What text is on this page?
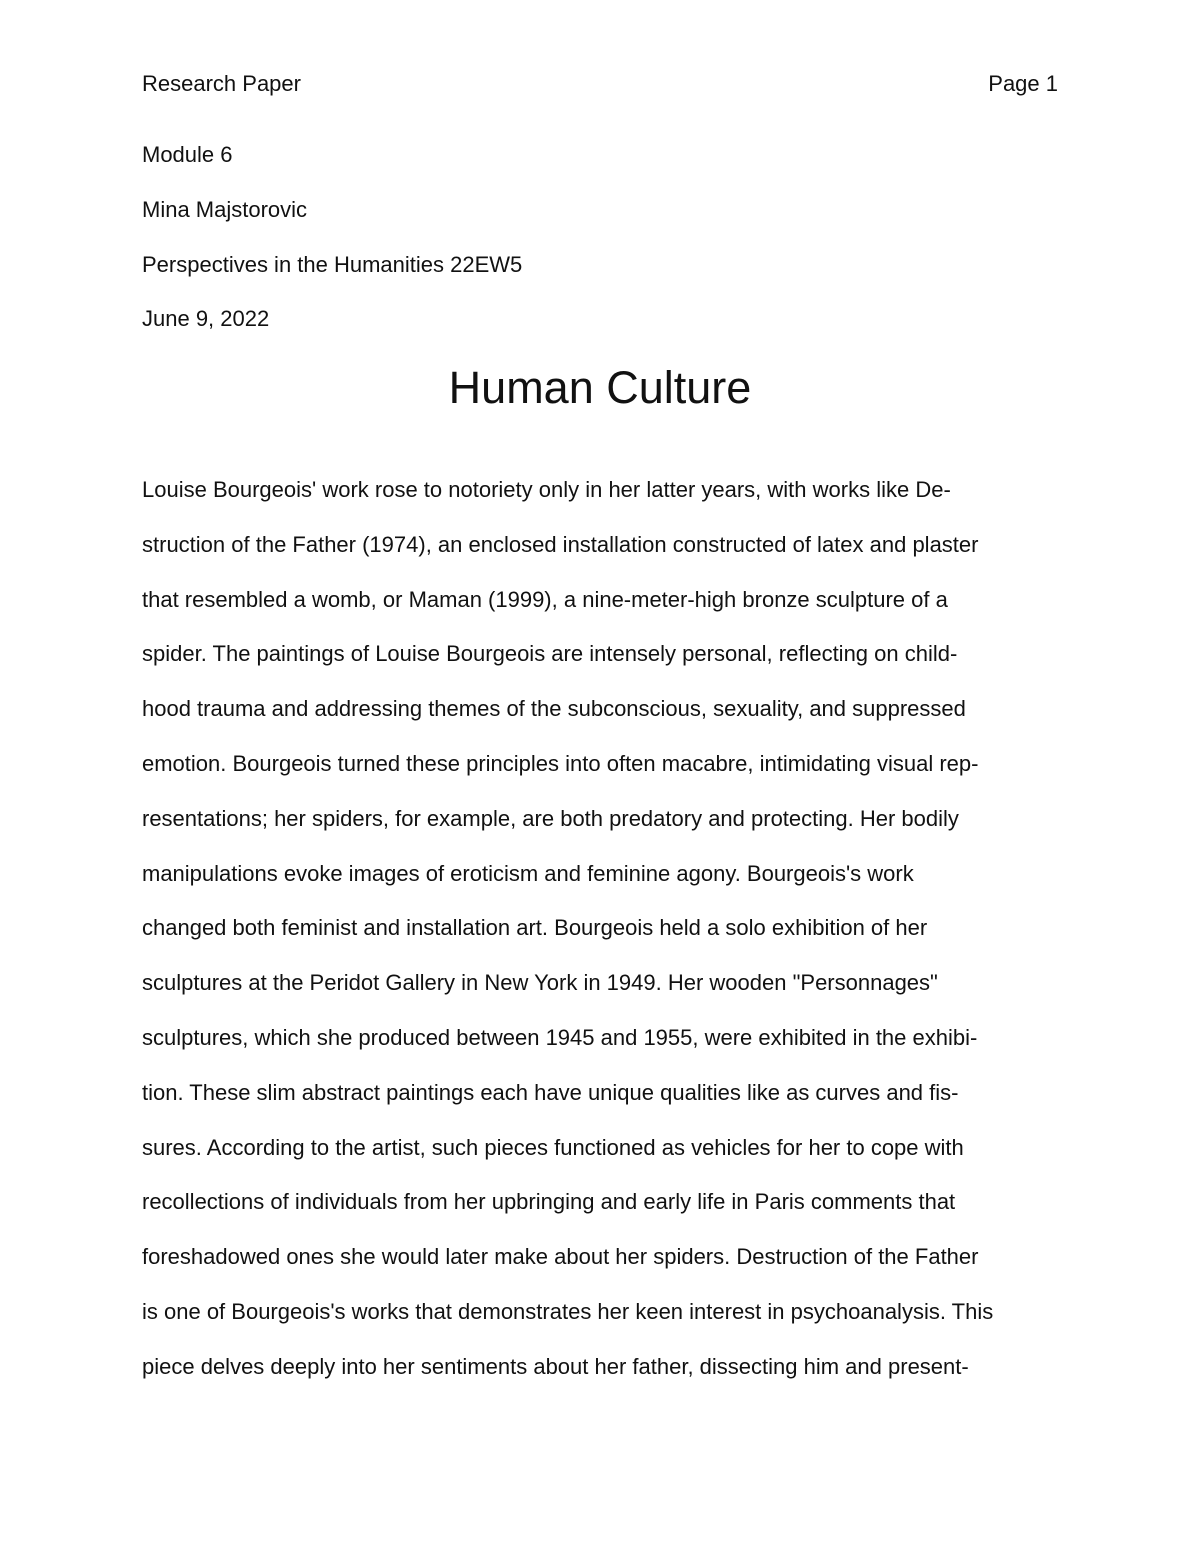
Research Paper	Page 1
Module 6
Mina Majstorovic
Perspectives in the Humanities 22EW5
June 9, 2022
Human Culture
Louise Bourgeois' work rose to notoriety only in her latter years, with works like De-
struction of the Father (1974), an enclosed installation constructed of latex and plaster
that resembled a womb, or Maman (1999), a nine-meter-high bronze sculpture of a
spider. The paintings of Louise Bourgeois are intensely personal, reflecting on child-
hood trauma and addressing themes of the subconscious, sexuality, and suppressed
emotion. Bourgeois turned these principles into often macabre, intimidating visual rep-
resentations; her spiders, for example, are both predatory and protecting. Her bodily
manipulations evoke images of eroticism and feminine agony. Bourgeois's work
changed both feminist and installation art. Bourgeois held a solo exhibition of her
sculptures at the Peridot Gallery in New York in 1949. Her wooden "Personnages"
sculptures, which she produced between 1945 and 1955, were exhibited in the exhibi-
tion. These slim abstract paintings each have unique qualities like as curves and fis-
sures. According to the artist, such pieces functioned as vehicles for her to cope with
recollections of individuals from her upbringing and early life in Paris comments that
foreshadowed ones she would later make about her spiders. Destruction of the Father
is one of Bourgeois's works that demonstrates her keen interest in psychoanalysis. This
piece delves deeply into her sentiments about her father, dissecting him and present-
